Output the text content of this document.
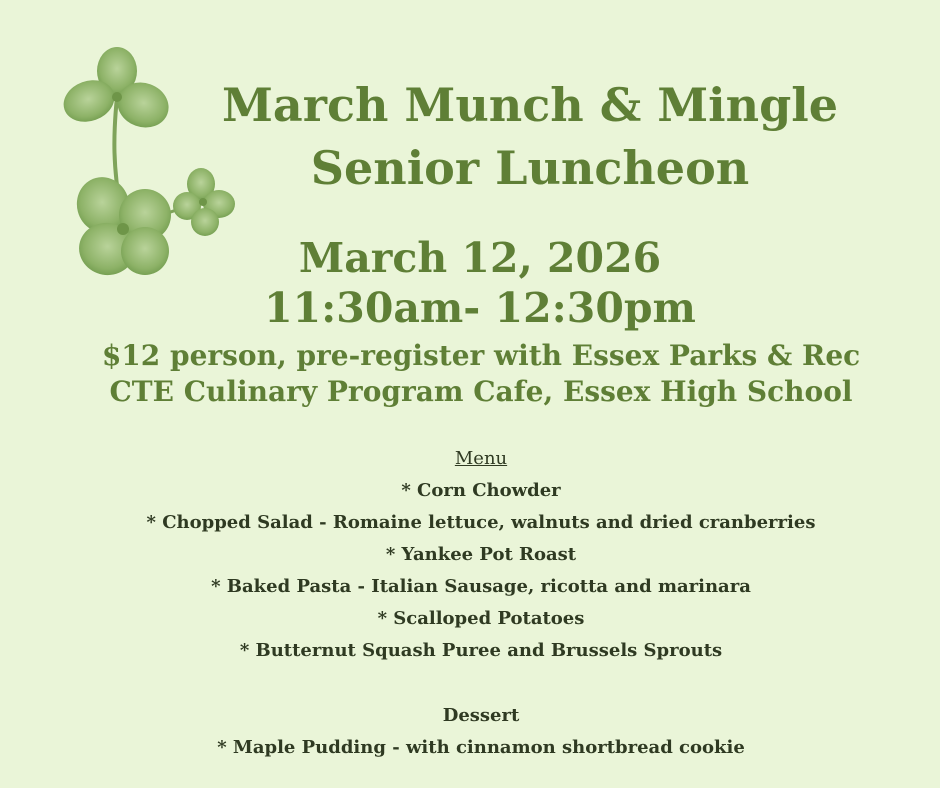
March Munch & Mingle
Senior Luncheon
March 12, 2026
11:30am- 12:30pm
$12 person, pre-register with Essex Parks & Rec
CTE Culinary Program Cafe, Essex High School
Menu
* Corn Chowder
* Chopped Salad - Romaine lettuce, walnuts and dried cranberries
* Yankee Pot Roast
* Baked Pasta - Italian Sausage, ricotta and marinara
* Scalloped Potatoes
* Butternut Squash Puree and Brussels Sprouts
Dessert
* Maple Pudding - with cinnamon shortbread cookie
